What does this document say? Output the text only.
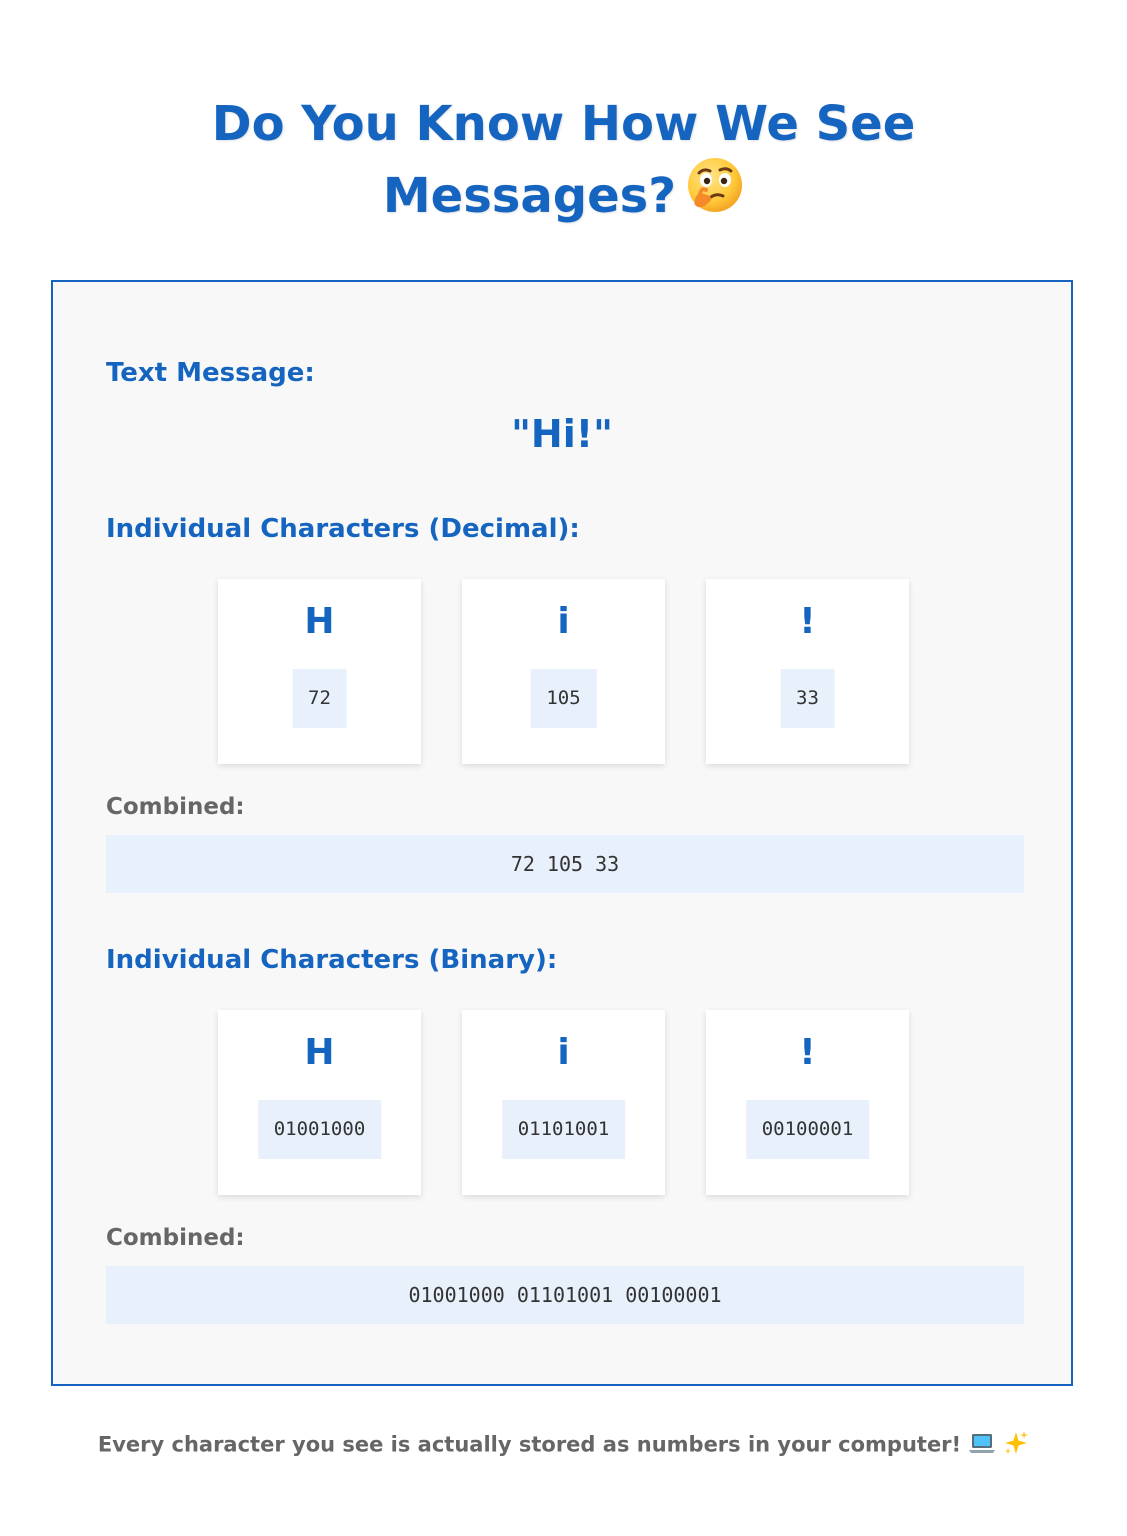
Do You Know How We See
Messages?
Text Message:
"Hi!"
Individual Characters (Decimal):
H
72
i
105
!
33
Combined:
72 105 33
Individual Characters (Binary):
H
01001000
i
01101001
!
00100001
Combined:
01001000 01101001 00100001
Every character you see is actually stored as numbers in your computer!
